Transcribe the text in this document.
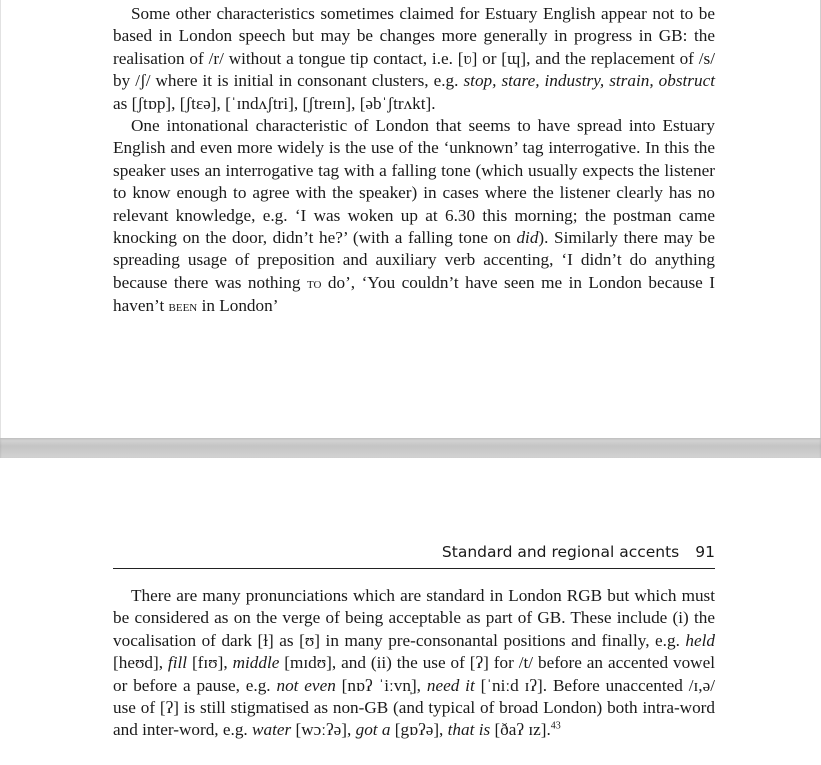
Some other characteristics sometimes claimed for Estuary English appear not to be based in London speech but may be changes more generally in progress in GB: the realisation of /r/ without a tongue tip contact, i.e. [ʋ] or [ɰ], and the replacement of /s/ by /ʃ/ where it is initial in consonant clusters, e.g. stop, stare, industry, strain, obstruct as [ʃtɒp], [ʃtɛə], [ˈɪndʌʃtri], [ʃtreɪn], [əbˈʃtrʌkt].

One intonational characteristic of London that seems to have spread into Estuary English and even more widely is the use of the ‘unknown’ tag interrogative. In this the speaker uses an interrogative tag with a falling tone (which usually expects the listener to know enough to agree with the speaker) in cases where the listener clearly has no relevant knowledge, e.g. ‘I was woken up at 6.30 this morning; the postman came knocking on the door, didn’t he?’ (with a falling tone on did). Similarly there may be spreading usage of preposition and auxiliary verb accenting, ‘I didn’t do anything because there was nothing to do’, ‘You couldn’t have seen me in London because I haven’t been in London’

Standard and regional accents 91

There are many pronunciations which are standard in London RGB but which must be considered as on the verge of being acceptable as part of GB. These include (i) the vocalisation of dark [ɫ] as [ʊ] in many pre-consonantal positions and finally, e.g. held [heʊd], fill [fɪʊ], middle [mɪdʊ], and (ii) the use of [ʔ] for /t/ before an accented vowel or before a pause, e.g. not even [nɒʔ ˈiːvn̩], need it [ˈniːd ɪʔ]. Before unaccented /ɪ,ə/ use of [ʔ] is still stigmatised as non-GB (and typical of broad London) both intra-word and inter-word, e.g. water [wɔːʔə], got a [gɒʔə], that is [ðaʔ ɪz].$^{43}$
